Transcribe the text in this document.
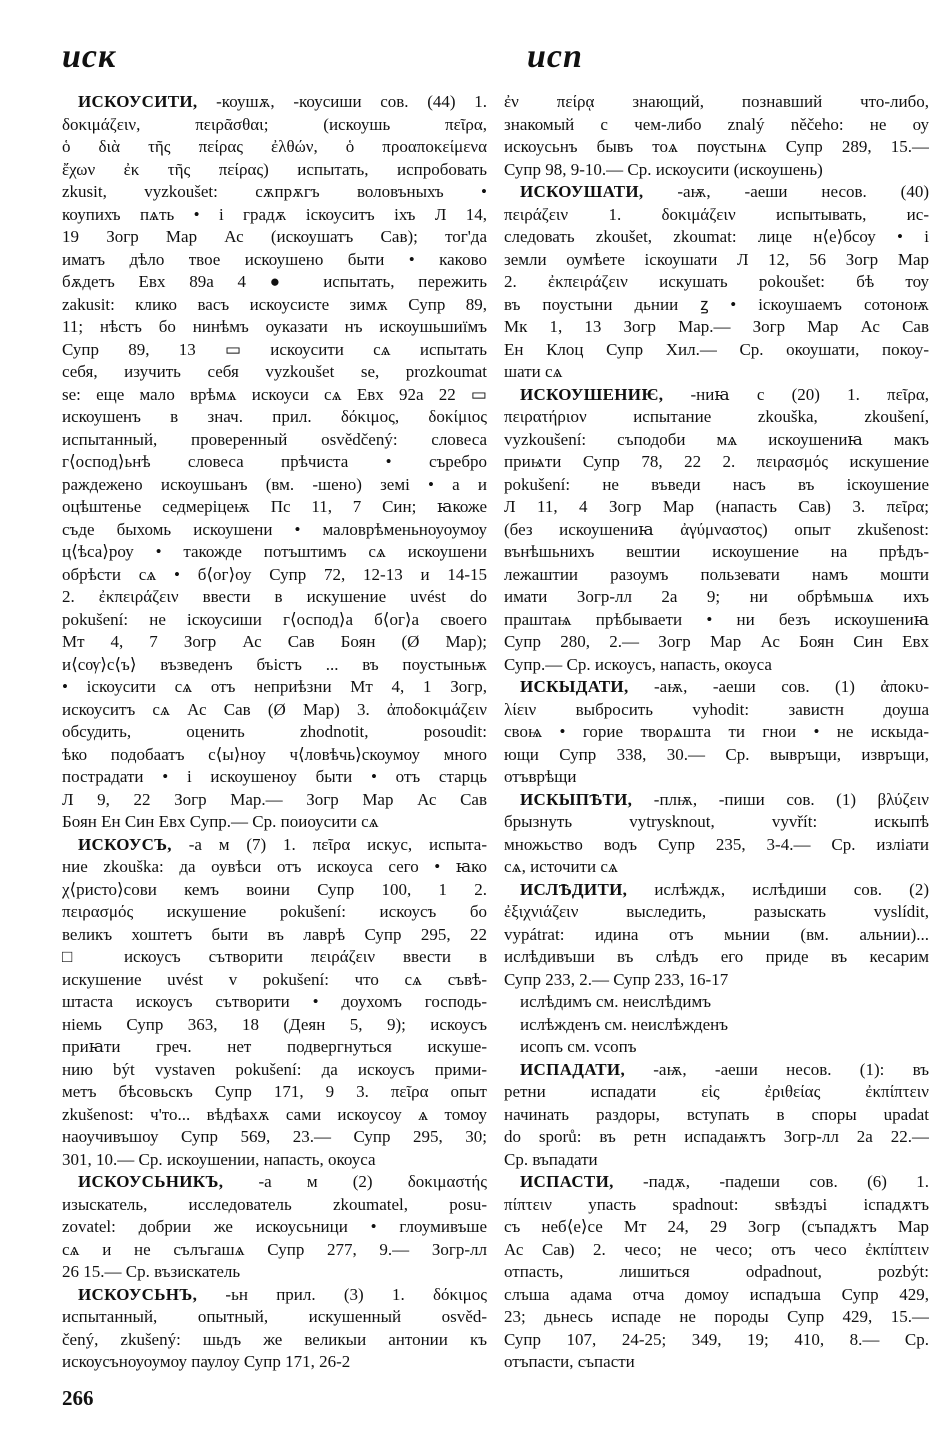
иск	исп
ИСКОУСИТИ, -коушѫ, -коусиши сов. (44) 1.
δοκιμάζειν, πειρᾶσθαι; (искоушь πεῖρα,
ὁ διὰ τῆς πείρας ἐλθών, ὁ προαποκείμενα
ἔχων ἐκ τῆς πείρας) испытать, испробовать
zkusit, vyzkoušet: сѫпрѫгъ воловъныхъ •
коупихъ пѧть • і градѫ іскоуситъ іхъ Л 14,
19 Зогр Мар Ас (искоушатъ Сав); тог'да
иматъ дѣло твое искоушено быти • каково
бѫдетъ Евх 89а 4 ● испытать, пережить
zakusit: клико васъ искоусисте зимѫ Супр 89,
11; нѣстъ бо нинѣмъ оуказати нъ искоушьшиїмъ
Супр 89, 13 ▭ искоусити сѧ испытать
себя, изучить себя vyzkoušet se, prozkoumat
se: еще мало врѣмѧ искоуси сѧ Евх 92а 22 ▭
искоушенъ в знач. прил. δόκιμος, δοκίμιος
испытанный, проверенный osvědčený: словеса
г⟨оспод⟩ьнѣ словеса прѣчиста • съребро
раждежено искоушьанъ (вм. -шено) земі • а и
оцѣштенье седмеріцеѭ Пс 11, 7 Син; ꙗкоже
съде быхомь искоушени • маловрѣменьноуоумоу
ц⟨ѣса⟩роу • такожде потъштимъ сѧ искоушени
обрѣсти сѧ • б⟨ог⟩оу Супр 72, 12-13 и 14-15
2. ἐκπειράζειν ввести в искушение uvést do
pokušení: не іскоусиши г⟨оспод⟩а б⟨ог⟩а своего
Мт 4, 7 Зогр Ас Сав Боян (Ø Мар);
и⟨сѹ⟩с⟨ъ⟩ възведенъ бъістъ ... въ поустыньѭ
• іскоусити сѧ отъ неприѣзни Мт 4, 1 Зогр,
искоуситъ сѧ Ас Сав (Ø Мар) 3. ἀποδοκιμάζειν
обсудить, оценить zhodnotit, posoudit:
ѣко подобаатъ с⟨ы⟩ноу ч⟨ловѣчь⟩скоумоу много
пострадати • і искоушеноу быти • отъ старць
Л 9, 22 Зогр Мар.— Зогр Мар Ас Сав
Боян Ен Син Евх Супр.— Ср. поиоусити сѧ
ИСКОУСЪ, -а м (7) 1. πεῖρα искус, испыта-
ние zkouška: да оувѣси отъ искоуса сего • ꙗко
χ⟨ристо⟩сови кемъ воини Супр 100, 1 2.
πειρασμός искушение pokušení: искоусъ бо
великъ хоштетъ быти въ лаврѣ Супр 295, 22
□ искоусъ сътворити πειράζειν ввести в
искушение uvést v pokušení: что сѧ съвѣ-
штаста искоусъ сътворити • доухомъ господь-
ніемь Супр 363, 18 (Деян 5, 9); искоусъ
приꙗти греч. нет подвергнуться искуше-
нию být vystaven pokušení: да искоусъ прими-
метъ бѣсовьскъ Супр 171, 9 3. πεῖρα опыт
zkušenost: ч'то... вѣдѣахѫ сами искоусоу ѧ томоу
наоучивъшоу Супр 569, 23.— Супр 295, 30;
301, 10.— Ср. искоушении, напасть, окоуса
ИСКОУСЬНИКЪ, -а м (2) δοκιμαστής
изыскатель, исследователь zkoumatel, posu-
zovatel: добрии же искоусьници • глоумивъше
сѧ и не сълъгашѧ Супр 277, 9.— Зогр-лл
26 15.— Ср. възискатель
ИСКОУСЬНЪ, -ьн прил. (3) 1. δόκιμος
испытанный, опытный, искушенный osvěd-
čený, zkušený: шьдъ же великыи антонии къ
искоусъноуоумоу паулоу Супр 171, 26-2
ἐν πείρᾳ знающий, познавший что-либо,
знакомый с чем-либо znalý něčeho: не оу
искоусьнъ бывъ тоѧ пѹстынѧ Супр 289, 15.—
Супр 98, 9-10.— Ср. искоусити (искоушень)
ИСКОУШАТИ, -аѭ, -аеши несов. (40)
πειράζειν 1. δοκιμάζειν испытывать, ис-
следовать zkoušet, zkoumat: лице н⟨е⟩бсоу • і
земли оумѣете іскоушати Л 12, 56 Зогр Мар
2. ἐκπειράζειν искушать pokoušet: бѣ тоу
въ поустыни дьнии ꙁ • іскоушаемъ сотоноѭ
Мк 1, 13 Зогр Мар.— Зогр Мар Ас Сав
Ен Клоц Супр Хил.— Ср. окоушати, покоу-
шати сѧ
ИСКОУШЕНИѤ, -ниꙗ с (20) 1. πεῖρα,
πειρατήριον испытание zkouška, zkoušení,
vyzkoušení: съподоби мѧ искоушениꙗ макъ
приѩти Супр 78, 22 2. πειρασμός искушение
pokušení: не въведи насъ въ іскоушение
Л 11, 4 Зогр Мар (напасть Сав) 3. πεῖρα;
(без искоушениꙗ ἀγύμναστος) опыт zkušenost:
вънѣшьнихъ вештии искоушение на прѣдъ-
лежаштии разоумъ пользевати намъ мошти
имати Зогр-лл 2а 9; ни обрѣмьшѧ ихъ
праштаѩ прѣбываети • ни безъ искоушениꙗ
Супр 280, 2.— Зогр Мар Ас Боян Син Евх
Супр.— Ср. искоусъ, напасть, окоуса
ИСКЫДАТИ, -аѭ, -аеши сов. (1) ἀποκυ-
λίειν выбросить vyhodit: завистн доуша
своѩ • горие творѧшта ти гнои • не искыда-
ющи Супр 338, 30.— Ср. вывръщи, извръщи,
отъврѣщи
ИСКЫПѢТИ, -плѭ, -пиши сов. (1) βλύζειν
брызнуть vytrysknout, vyvřít: искыпѣ
множьство водъ Супр 235, 3-4.— Ср. изліати
сѧ, источити сѧ
ИСЛѢДИТИ, ислѣждѫ, ислѣдиши сов. (2)
ἐξιχνιάζειν выследить, разыскать vyslídit,
vypátrat: идина отъ мьнии (вм. альнии)...
ислѣдивъши въ слѣдъ его приде въ кесарим
Супр 233, 2.— Супр 233, 16-17
ислѣдимъ см. неислѣдимъ
ислѣжденъ см. неислѣжденъ
исопъ см. vсопъ
ИСПАДАТИ, -аѭ, -аеши несов. (1): въ
ретни испадати εἰς ἐριθείας ἐκπίπτειν
начинать раздоры, вступать в споры upadat
do sporů: въ ретн испадаѭтъ Зогр-лл 2а 22.—
Ср. въпадати
ИСПАСТИ, -падѫ, -падеши сов. (6) 1.
πίπτειν упасть spadnout: ѕвѣздъі іспадѫтъ
съ неб⟨е⟩се Мт 24, 29 Зогр (съпадѫтъ Мар
Ас Сав) 2. чесо; не чесо; отъ чесо ἐκπίπτειν
отпасть, лишиться odpadnout, pozbýt:
слъша адама отча домоу испадъша Супр 429,
23; дьнесь испаде не породы Супр 429, 15.—
Супр 107, 24-25; 349, 19; 410, 8.— Ср.
отъпасти, съпасти
266
